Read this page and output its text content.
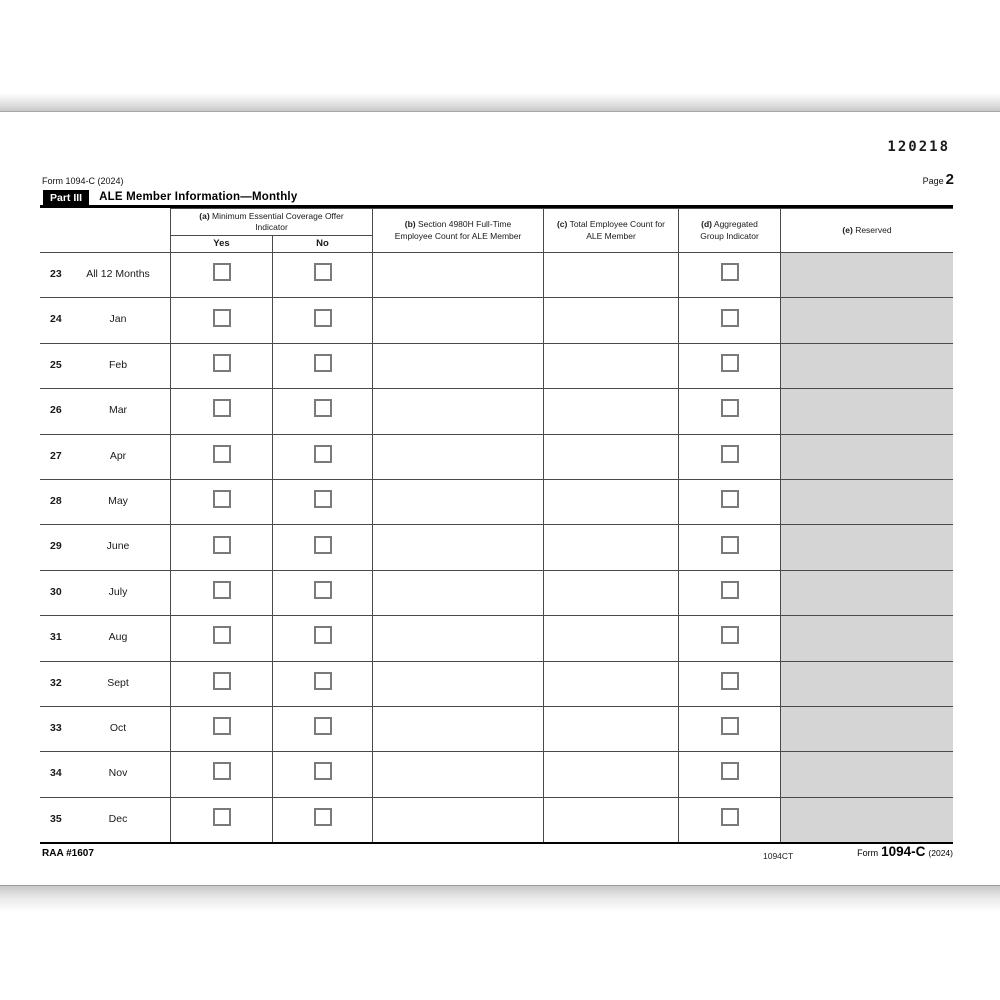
120218
Form 1094-C (2024)	Page 2
Part III	ALE Member Information—Monthly
(a) Minimum Essential Coverage Offer Indicator
Yes	No
(b) Section 4980H Full-Time Employee Count for ALE Member
(c) Total Employee Count for ALE Member
(d) Aggregated Group Indicator
(e) Reserved
23	All 12 Months
24	Jan
25	Feb
26	Mar
27	Apr
28	May
29	June
30	July
31	Aug
32	Sept
33	Oct
34	Nov
35	Dec
RAA #1607	1094CT	Form 1094-C (2024)
